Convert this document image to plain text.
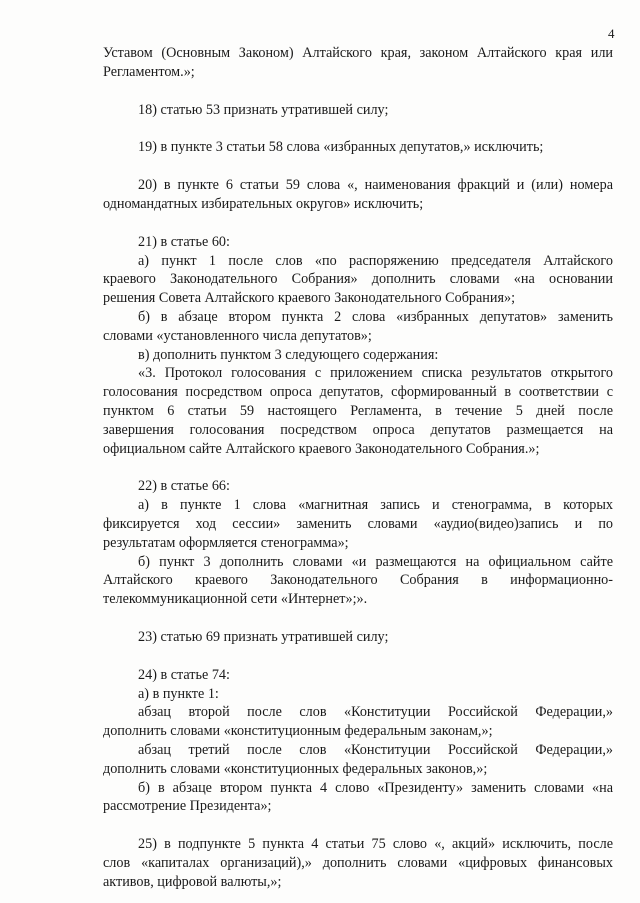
4
Уставом (Основным Законом) Алтайского края, законом Алтайского края или
Регламентом.»;
18) статью 53 признать утратившей силу;
19) в пункте 3 статьи 58 слова «избранных депутатов,» исключить;
20) в пункте 6 статьи 59 слова «, наименования фракций и (или) номера
одномандатных избирательных округов» исключить;
21) в статье 60:
а) пункт 1 после слов «по распоряжению председателя Алтайского
краевого Законодательного Собрания» дополнить словами «на основании
решения Совета Алтайского краевого Законодательного Собрания»;
б) в абзаце втором пункта 2 слова «избранных депутатов» заменить
словами «установленного числа депутатов»;
в) дополнить пунктом 3 следующего содержания:
«3. Протокол голосования с приложением списка результатов открытого
голосования посредством опроса депутатов, сформированный в соответствии с
пунктом 6 статьи 59 настоящего Регламента, в течение 5 дней после
завершения голосования посредством опроса депутатов размещается на
официальном сайте Алтайского краевого Законодательного Собрания.»;
22) в статье 66:
а) в пункте 1 слова «магнитная запись и стенограмма, в которых
фиксируется ход сессии» заменить словами «аудио(видео)запись и по
результатам оформляется стенограмма»;
б) пункт 3 дополнить словами «и размещаются на официальном сайте
Алтайского краевого Законодательного Собрания в информационно-
телекоммуникационной сети «Интернет»;».
23) статью 69 признать утратившей силу;
24) в статье 74:
а) в пункте 1:
абзац второй после слов «Конституции Российской Федерации,»
дополнить словами «конституционным федеральным законам,»;
абзац третий после слов «Конституции Российской Федерации,»
дополнить словами «конституционных федеральных законов,»;
б) в абзаце втором пункта 4 слово «Президенту» заменить словами «на
рассмотрение Президента»;
25) в подпункте 5 пункта 4 статьи 75 слово «, акций» исключить, после
слов «капиталах организаций),» дополнить словами «цифровых финансовых
активов, цифровой валюты,»;
